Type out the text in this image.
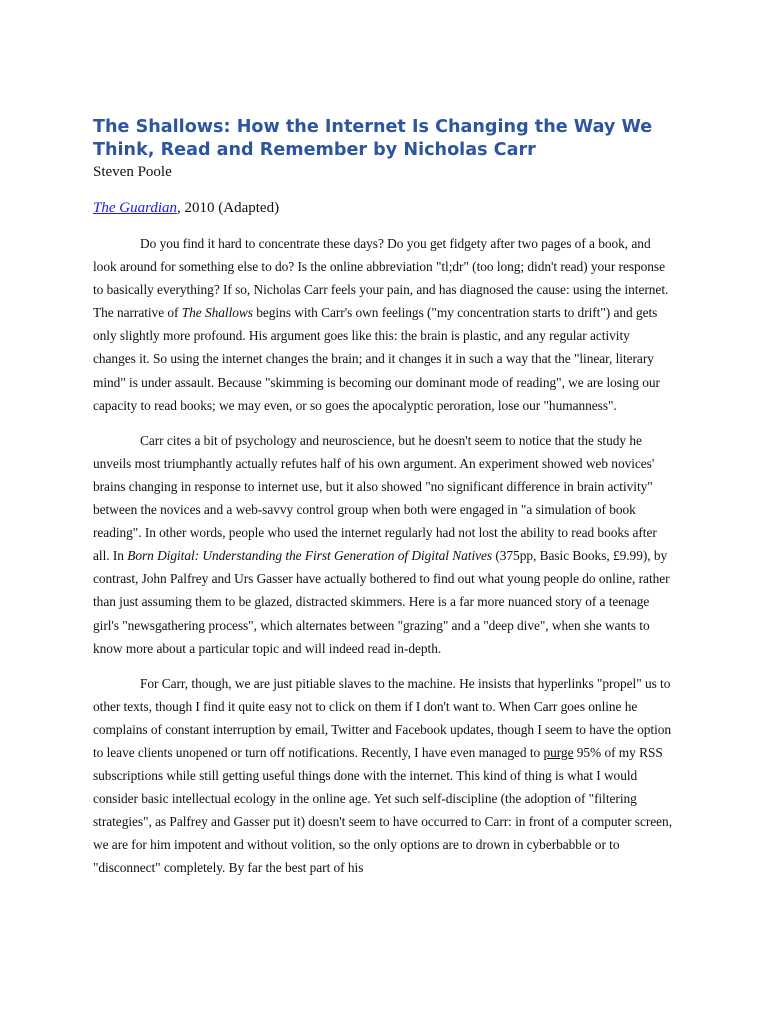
The Shallows: How the Internet Is Changing the Way We Think, Read and Remember by Nicholas Carr

Steven Poole

The Guardian, 2010 (Adapted)

Do you find it hard to concentrate these days? Do you get fidgety after two pages of a book, and look around for something else to do? Is the online abbreviation "tl;dr" (too long; didn't read) your response to basically everything? If so, Nicholas Carr feels your pain, and has diagnosed the cause: using the internet. The narrative of The Shallows begins with Carr's own feelings ("my concentration starts to drift") and gets only slightly more profound. His argument goes like this: the brain is plastic, and any regular activity changes it. So using the internet changes the brain; and it changes it in such a way that the "linear, literary mind" is under assault. Because "skimming is becoming our dominant mode of reading", we are losing our capacity to read books; we may even, or so goes the apocalyptic peroration, lose our "humanness".

Carr cites a bit of psychology and neuroscience, but he doesn't seem to notice that the study he unveils most triumphantly actually refutes half of his own argument. An experiment showed web novices' brains changing in response to internet use, but it also showed "no significant difference in brain activity" between the novices and a web-savvy control group when both were engaged in "a simulation of book reading". In other words, people who used the internet regularly had not lost the ability to read books after all. In Born Digital: Understanding the First Generation of Digital Natives (375pp, Basic Books, £9.99), by contrast, John Palfrey and Urs Gasser have actually bothered to find out what young people do online, rather than just assuming them to be glazed, distracted skimmers. Here is a far more nuanced story of a teenage girl's "newsgathering process", which alternates between "grazing" and a "deep dive", when she wants to know more about a particular topic and will indeed read in-depth.

For Carr, though, we are just pitiable slaves to the machine. He insists that hyperlinks "propel" us to other texts, though I find it quite easy not to click on them if I don't want to. When Carr goes online he complains of constant interruption by email, Twitter and Facebook updates, though I seem to have the option to leave clients unopened or turn off notifications. Recently, I have even managed to purge 95% of my RSS subscriptions while still getting useful things done with the internet. This kind of thing is what I would consider basic intellectual ecology in the online age. Yet such self-discipline (the adoption of "filtering strategies", as Palfrey and Gasser put it) doesn't seem to have occurred to Carr: in front of a computer screen, we are for him impotent and without volition, so the only options are to drown in cyberbabble or to "disconnect" completely. By far the best part of his
